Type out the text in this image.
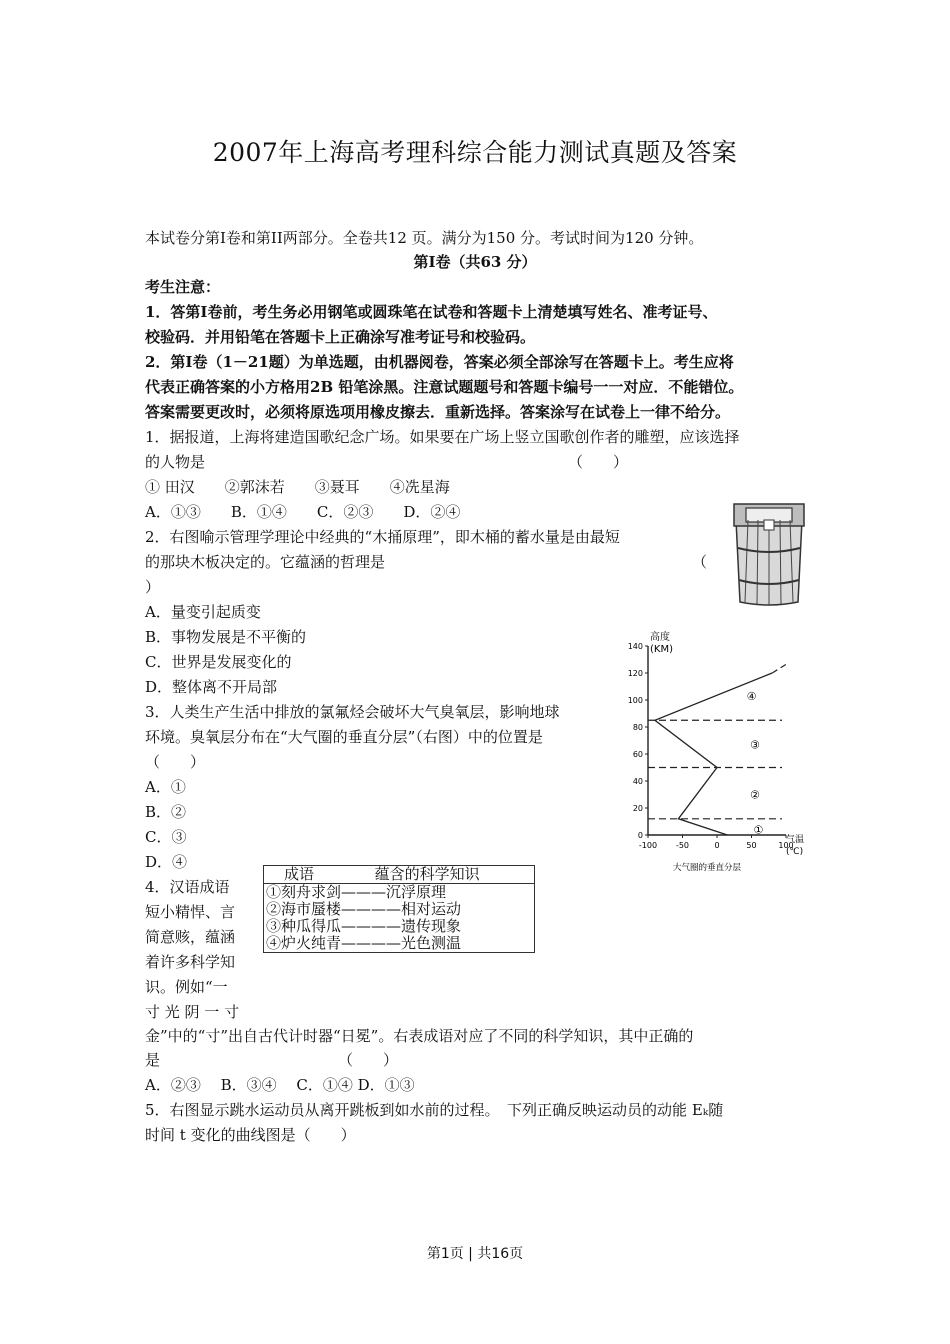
2007年上海高考理科综合能力测试真题及答案
本试卷分第Ⅰ卷和第II两部分。全卷共12 页。满分为150 分。考试时间为120 分钟。
第Ⅰ卷（共63 分）
考生注意：
1．答第Ⅰ卷前，考生务必用钢笔或圆珠笔在试卷和答题卡上清楚填写姓名、准考证号、
校验码．并用铅笔在答题卡上正确涂写准考证号和校验码。
2．第Ⅰ卷（1－21题）为单选题，由机器阅卷，答案必须全部涂写在答题卡上。考生应将
代表正确答案的小方格用2B 铅笔涂黑。注意试题题号和答题卡编号一一对应．不能错位。
答案需要更改时，必须将原选项用橡皮擦去．重新选择。答案涂写在试卷上一律不给分。
1．据报道，上海将建造国歌纪念广场。如果要在广场上竖立国歌创作者的雕塑，应该选择
的人物是	（　　）
① 田汉　　②郭沫若　　③聂耳　　④冼星海
A．①③　　B．①④　　C．②③　　D．②④
2．右图喻示管理学理论中经典的“木捅原理”，即木桶的蓄水量是由最短
的那块木板决定的。它蕴涵的哲理是	（
）
A．量变引起质变
B．事物发展是不平衡的
C．世界是发展变化的
D．整体离不开局部
3．人类生产生活中排放的氯氟烃会破坏大气臭氧层，影响地球
环境。臭氧层分布在“大气圈的垂直分层”（右图）中的位置是
（　　）
A．①
B．②
C．③
D．④
高度
(KM)
气温
(℃)
140
120
100
80
60
40
20
0
-100 -50	0	50	100
①
②
③
④
大气圈的垂直分层
4．汉语成语
短小精悍、言
简意赅，蕴涵
着许多科学知
识。例如“一
寸 光 阴 一 寸
成语	蕴含的科学知识
①刻舟求剑———沉浮原理
②海市蜃楼————相对运动
③种瓜得瓜————遗传现象
④炉火纯青————光色测温
金”中的“寸”出自古代计时器“日冕”。右表成语对应了不同的科学知识，其中正确的
是	（　　）
A．②③　 B．③④　 C．①④ D．①③
5．右图显示跳水运动员从离开跳板到如水前的过程。　下列正确反映运动员的动能 Eₖ随
时间 t 变化的曲线图是（　　）
第1页 | 共16页
